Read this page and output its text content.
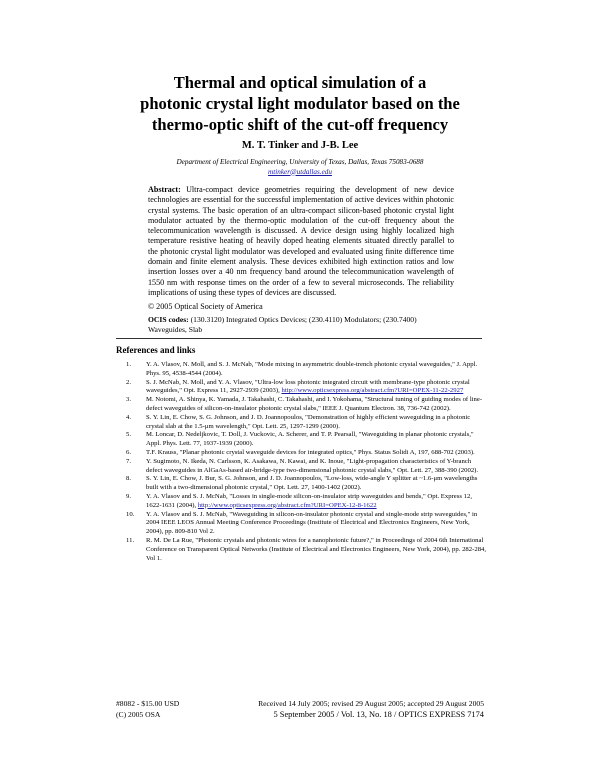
Thermal and optical simulation of a
photonic crystal light modulator based on the
thermo-optic shift of the cut-off frequency
M. T. Tinker and J-B. Lee
Department of Electrical Engineering, University of Texas, Dallas, Texas 75083-0688
mtinker@utdallas.edu
Abstract: Ultra-compact device geometries requiring the development of new device technologies are essential for the successful implementation of active devices within photonic crystal systems. The basic operation of an ultra-compact silicon-based photonic crystal light modulator actuated by the thermo-optic modulation of the cut-off frequency about the telecommunication wavelength is discussed. A device design using highly localized high temperature resistive heating of heavily doped heating elements situated directly parallel to the photonic crystal light modulator was developed and evaluated using finite difference time domain and finite element analysis. These devices exhibited high extinction ratios and low insertion losses over a 40 nm frequency band around the telecommunication wavelength of 1550 nm with response times on the order of a few to several microseconds. The reliability implications of using these types of devices are discussed.
© 2005 Optical Society of America
OCIS codes: (130.3120) Integrated Optics Devices; (230.4110) Modulators; (230.7400) Waveguides, Slab
References and links
1. Y. A. Vlasov, N. Moll, and S. J. McNab, "Mode mixing in asymmetric double-trench photonic crystal waveguides," J. Appl. Phys. 95, 4538-4544 (2004).
2. S. J. McNab, N. Moll, and Y. A. Vlasov, "Ultra-low loss photonic integrated circuit with membrane-type photonic crystal waveguides," Opt. Express 11, 2927-2939 (2003), http://www.opticsexpress.org/abstract.cfm?URI=OPEX-11-22-2927
3. M. Notomi, A. Shinya, K. Yamada, J. Takahashi, C. Takahashi, and I. Yokohama, "Structural tuning of guiding modes of line-defect waveguides of silicon-on-insulator photonic crystal slabs," IEEE J. Quantum Electron. 38, 736-742 (2002).
4. S. Y. Lin, E. Chow, S. G. Johnson, and J. D. Joannopoulos, "Demonstration of highly efficient waveguiding in a photonic crystal slab at the 1.5-μm wavelength," Opt. Lett. 25, 1297-1299 (2000).
5. M. Loncar, D. Nedeljkovic, T. Doll, J. Vuckovic, A. Scherer, and T. P. Pearsall, "Waveguiding in planar photonic crystals," Appl. Phys. Lett. 77, 1937-1939 (2000).
6. T.F. Krauss, "Planar photonic crystal waveguide devices for integrated optics," Phys. Status Solidi A, 197, 688-702 (2003).
7. Y. Sugimoto, N. Ikeda, N. Carlsson, K. Asakawa, N. Kawai, and K. Inoue, "Light-propagation characteristics of Y-branch defect waveguides in AlGaAs-based air-bridge-type two-dimensional photonic crystal slabs," Opt. Lett. 27, 388-390 (2002).
8. S. Y. Lin, E. Chow, J. Bur, S. G. Johnson, and J. D. Joannopoulos, "Low-loss, wide-angle Y splitter at ~1.6-μm wavelengths built with a two-dimensional photonic crystal," Opt. Lett. 27, 1400-1402 (2002).
9. Y. A. Vlasov and S. J. McNab, "Losses in single-mode silicon-on-insulator strip waveguides and bends," Opt. Express 12, 1622-1631 (2004), http://www.opticsexpress.org/abstract.cfm?URI=OPEX-12-8-1622
10. Y. A. Vlasov and S. J. McNab, "Waveguiding in silicon-on-insulator photonic crystal and single-mode strip waveguides," in 2004 IEEE LEOS Annual Meeting Conference Proceedings (Institute of Electrical and Electronics Engineers, New York, 2004), pp. 809-810 Vol 2.
11. R. M. De La Rue, "Photonic crystals and photonic wires for a nanophotonic future?," in Proceedings of 2004 6th International Conference on Transparent Optical Networks (Institute of Electrical and Electronics Engineers, New York, 2004), pp. 282-284, Vol 1.
#8082 - $15.00 USD
(C) 2005 OSA
Received 14 July 2005; revised 29 August 2005; accepted 29 August 2005
5 September 2005 / Vol. 13, No. 18 / OPTICS EXPRESS 7174
